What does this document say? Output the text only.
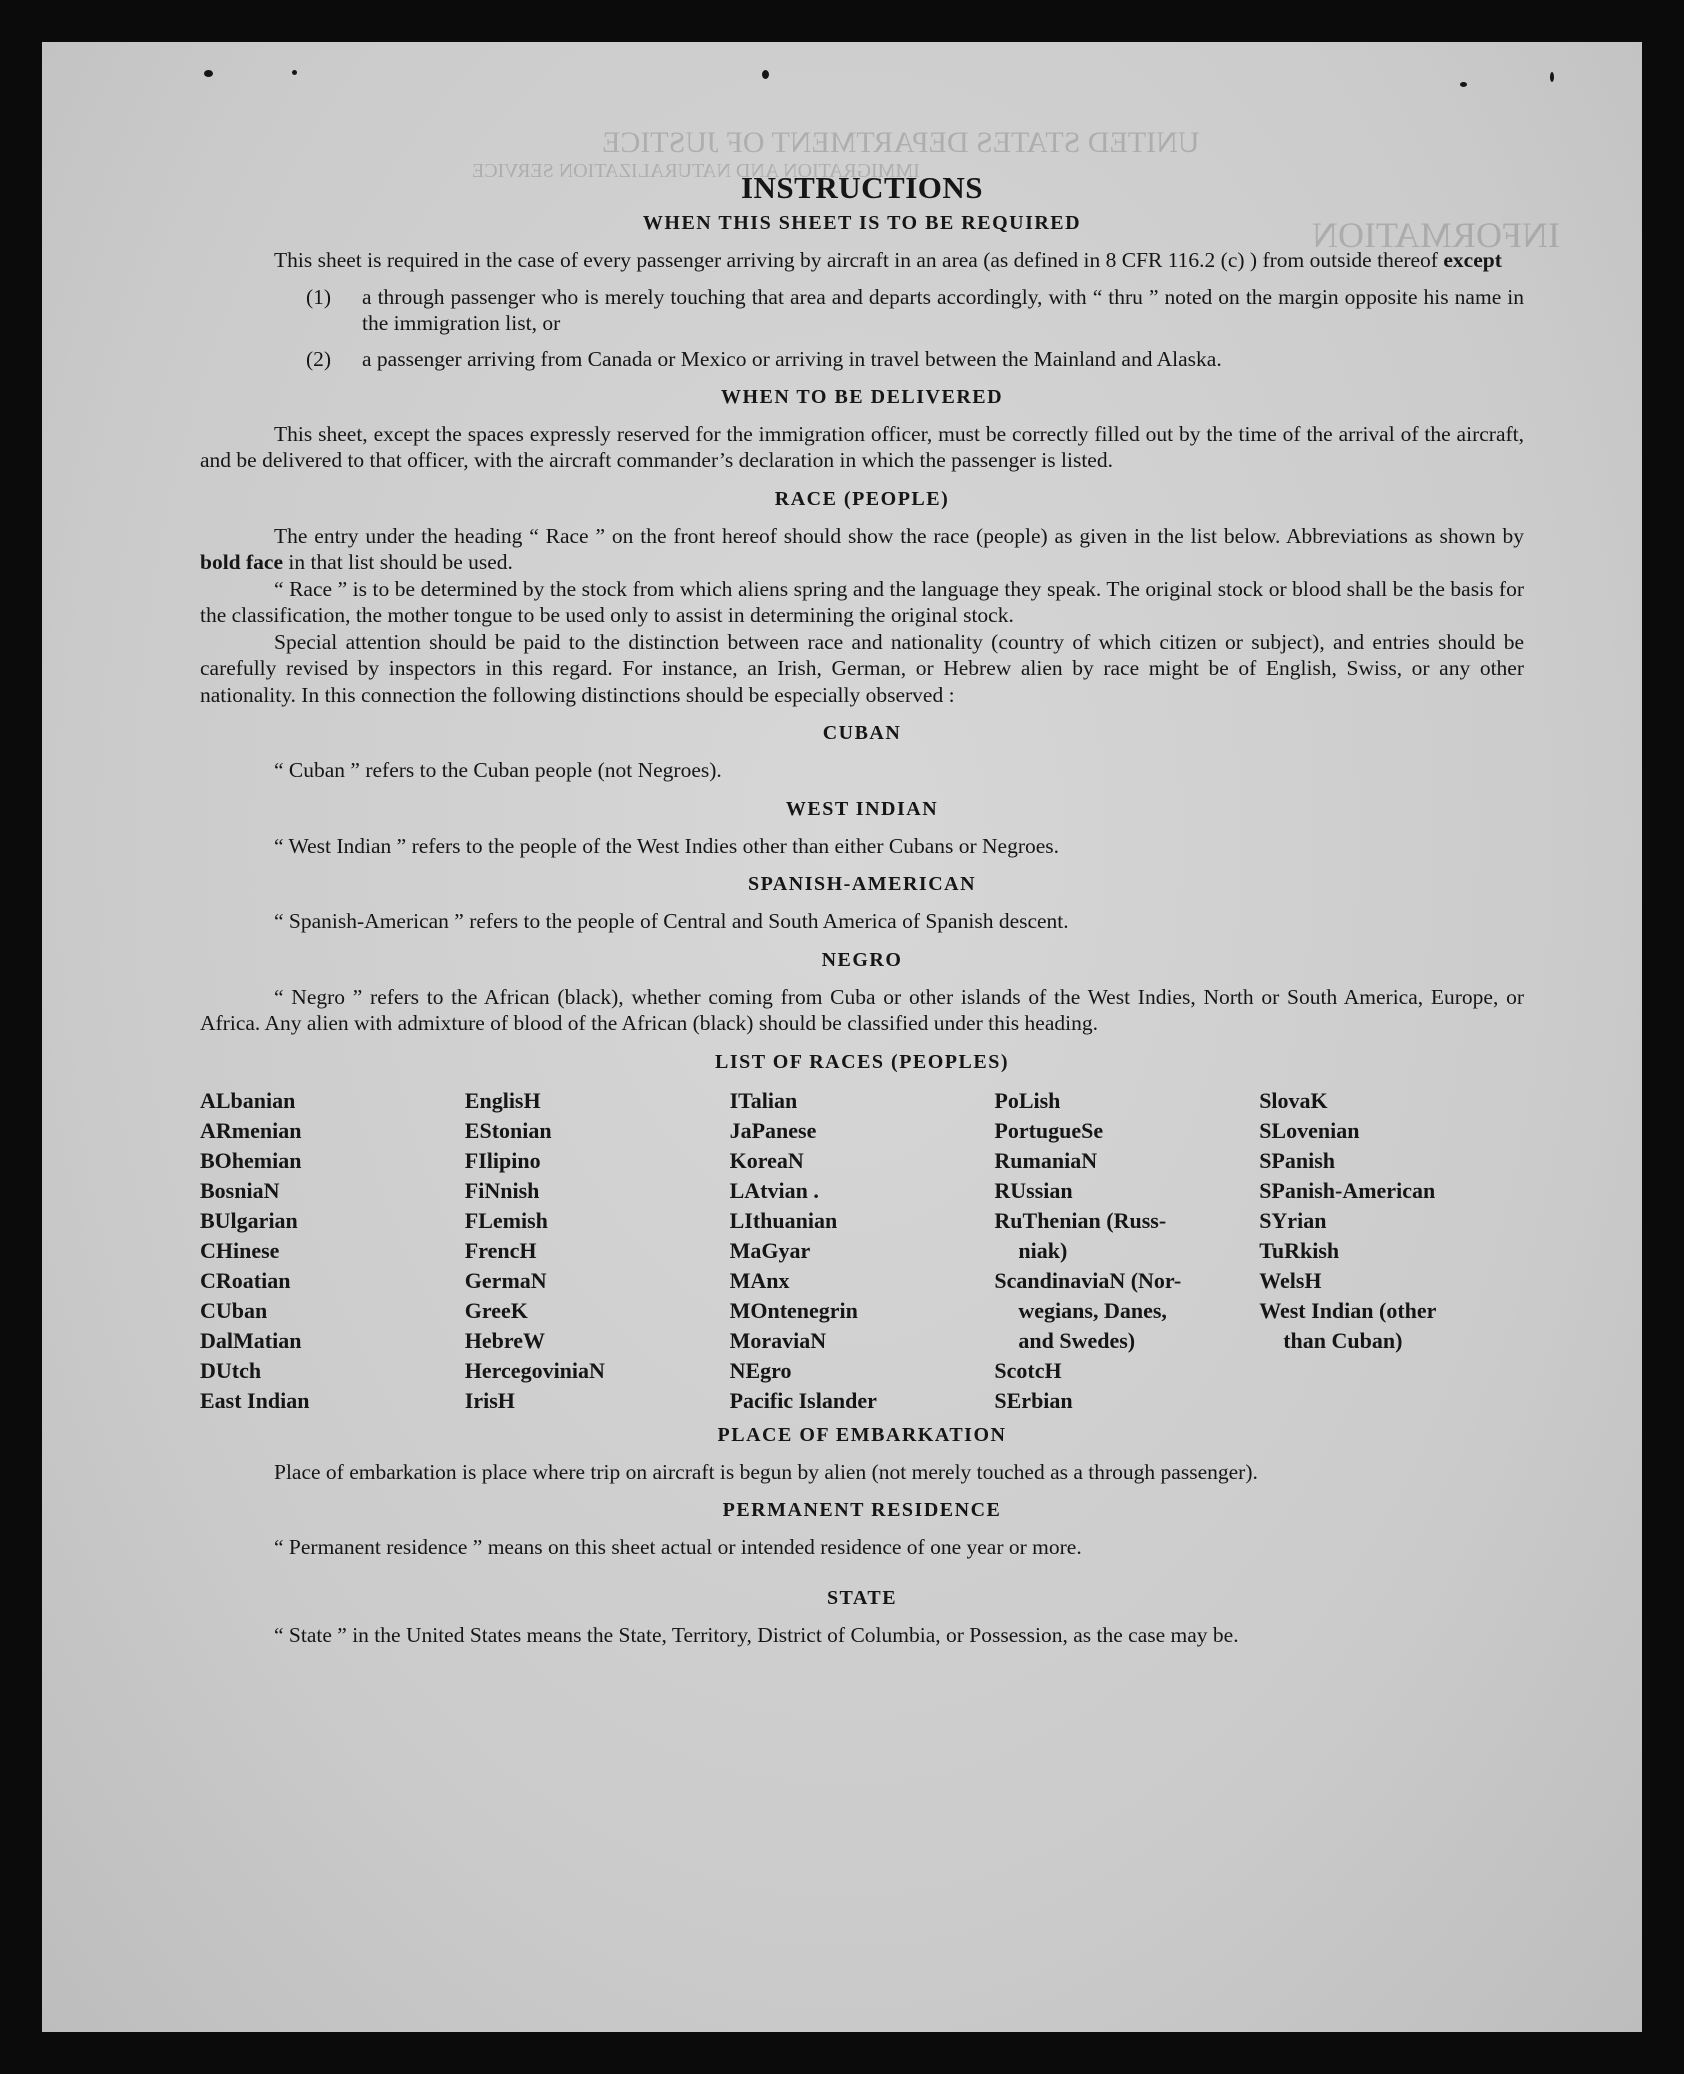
UNITED STATES DEPARTMENT OF JUSTICE
IMMIGRATION AND NATURALIZATION SERVICE
INFORMATION
INSTRUCTIONS
WHEN THIS SHEET IS TO BE REQUIRED

This sheet is required in the case of every passenger arriving by aircraft in an area (as defined in 8 CFR 116.2 (c) ) from outside thereof except

(1)	a through passenger who is merely touching that area and departs accordingly, with “ thru ” noted on the margin opposite his name in the immigration list, or
(2)	a passenger arriving from Canada or Mexico or arriving in travel between the Mainland and Alaska.
WHEN TO BE DELIVERED

This sheet, except the spaces expressly reserved for the immigration officer, must be correctly filled out by the time of the arrival of the aircraft, and be delivered to that officer, with the aircraft commander’s declaration in which the passenger is listed.

RACE (PEOPLE)

The entry under the heading “ Race ” on the front hereof should show the race (people) as given in the list below. Abbreviations as shown by bold face in that list should be used.

“ Race ” is to be determined by the stock from which aliens spring and the language they speak. The original stock or blood shall be the basis for the classification, the mother tongue to be used only to assist in determining the original stock.

Special attention should be paid to the distinction between race and nationality (country of which citizen or subject), and entries should be carefully revised by inspectors in this regard. For instance, an Irish, German, or Hebrew alien by race might be of English, Swiss, or any other nationality. In this connection the following distinctions should be especially observed :

CUBAN

“ Cuban ” refers to the Cuban people (not Negroes).

WEST INDIAN

“ West Indian ” refers to the people of the West Indies other than either Cubans or Negroes.

SPANISH-AMERICAN

“ Spanish-American ” refers to the people of Central and South America of Spanish descent.

NEGRO

“ Negro ” refers to the African (black), whether coming from Cuba or other islands of the West Indies, North or South America, Europe, or Africa. Any alien with admixture of blood of the African (black) should be classified under this heading.

LIST OF RACES (PEOPLES)
ALbanian
ARmenian
BOhemian
BosniaN
BUlgarian
CHinese
CRoatian
CUban
DalMatian
DUtch
East Indian
EnglisH
EStonian
FIlipino
FiNnish
FLemish
FrencH
GermaN
GreeK
HebreW
HercegoviniaN
IrisH
ITalian
JaPanese
KoreaN
LAtvian .
LIthuanian
MaGyar
MAnx
MOntenegrin
MoraviaN
NEgro
Pacific Islander
PoLish
PortugueSe
RumaniaN
RUssian
RuThenian (Russ-
niak)
ScandinaviaN (Nor-
wegians, Danes,
and Swedes)
ScotcH
SErbian
SlovaK
SLovenian
SPanish
SPanish-American
SYrian
TuRkish
WelsH
West Indian (other
than Cuban)
PLACE OF EMBARKATION

Place of embarkation is place where trip on aircraft is begun by alien (not merely touched as a through passenger).

PERMANENT RESIDENCE

“ Permanent residence ” means on this sheet actual or intended residence of one year or more.

STATE

“ State ” in the United States means the State, Territory, District of Columbia, or Possession, as the case may be.
